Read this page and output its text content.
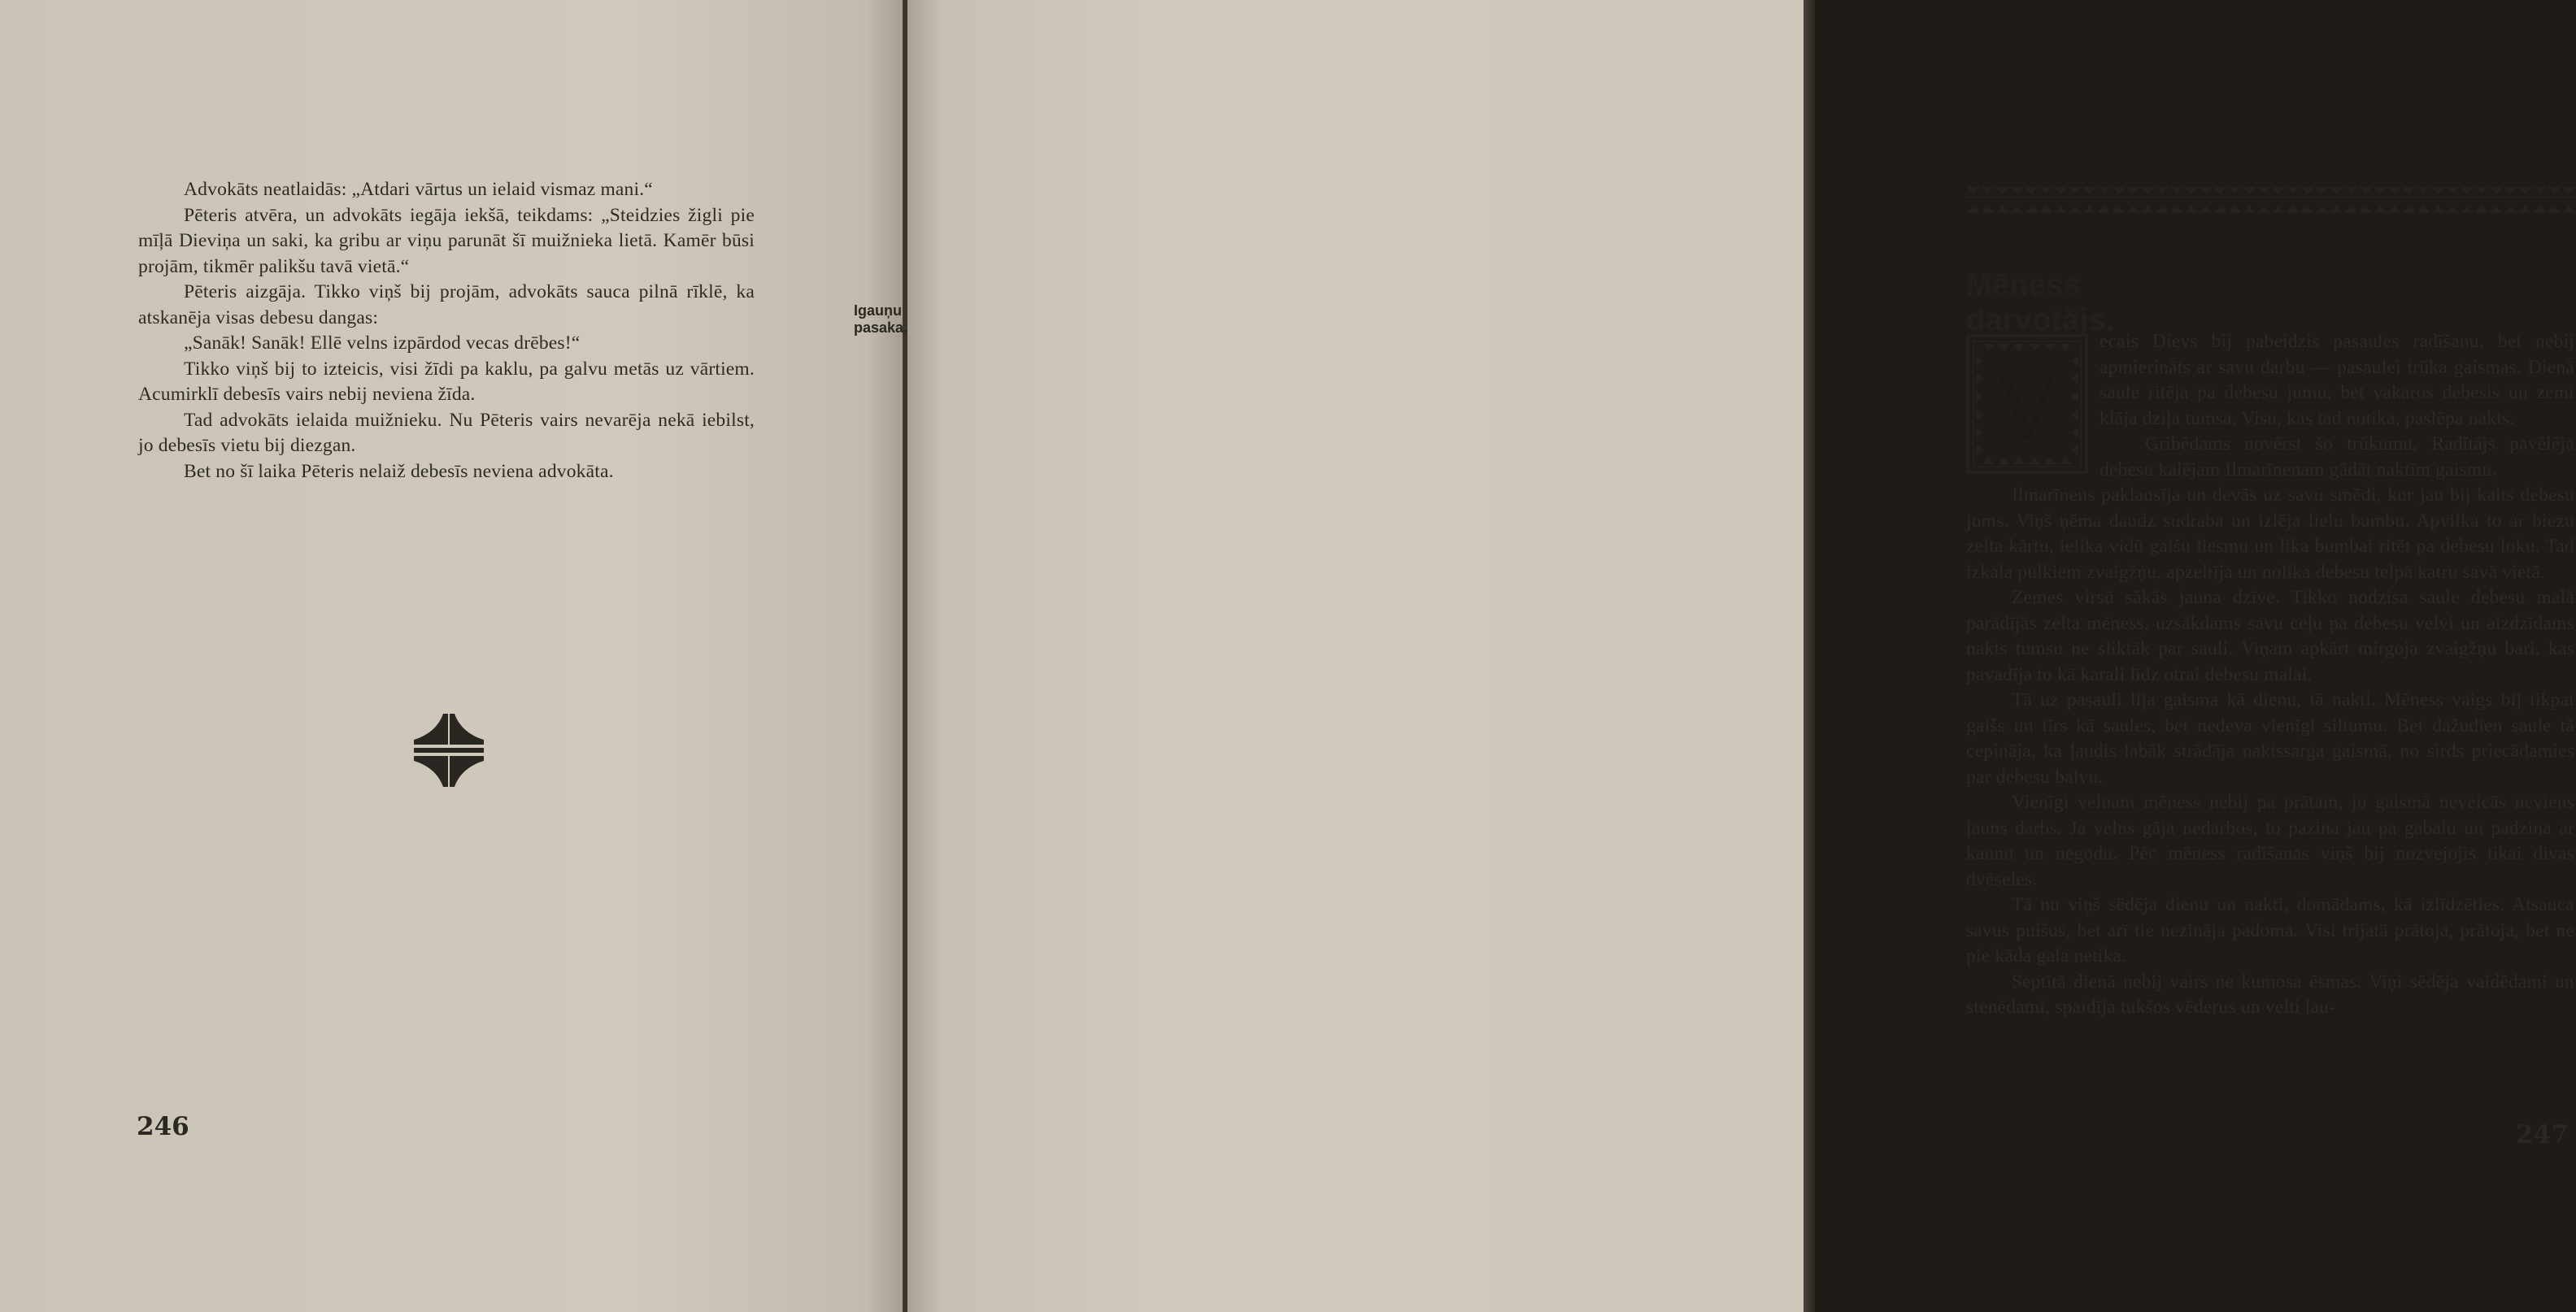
Advokāts neatlaidās: „Atdari vārtus un ielaid vismaz mani.“

Pēteris atvēra, un advokāts iegāja iekšā, teikdams: „Steidzies žigli pie mīļā Dieviņa un saki, ka gribu ar viņu parunāt šī muižnieka lietā. Kamēr būsi projām, tikmēr palikšu tavā vietā.“

Pēteris aizgāja. Tikko viņš bij projām, advokāts sauca pilnā rīklē, ka atskanēja visas debesu dangas:

„Sanāk! Sanāk! Ellē velns izpārdod vecas drēbes!“

Tikko viņš bij to izteicis, visi žīdi pa kaklu, pa galvu metās uz vārtiem. Acumirklī debesīs vairs nebij neviena žīda.

Tad advokāts ielaida muižnieku. Nu Pēteris vairs nevarēja nekā iebilst, jo debesīs vietu bij diezgan.

Bet no šī laika Pēteris nelaiž debesīs neviena advokāta.

246
Mēness darvotājs.
Igauņu pasaka.

V
ecais Dievs bij pabeidzis pasaules radīšanu, bet nebij apmierināts ar savu darbu — pasaulei trūka gaismas. Dienā saule ritēja pa debesu jumu, bet vakaros debesis un zemi klāja dziļa tumsa. Visu, kas tad notika, paslēpa nakts.

Gribēdams novērst šo trūkumu, Radītājs pavēlēja debesu kalējam Ilmarīnenam gādāt naktīm gaismu.

Ilmarīnens paklausīja un devās uz savu smēdi, kur jau bij kalts debesu jums. Viņš ņēma daudz sudraba un izlēja lielu bumbu. Apvilka to ar biezu zelta kārtu, ielika vidū gaišu liesmu un lika bumbai ritēt pa debesu loku. Tad izkala pulkiem zvaigžņu, apzeltīja un nolika debesu telpā katru savā vietā.

Zemes virsū sākās jauna dzīve. Tikko nodzisa saule debesu malā parādījās zelta mēness, uzsākdams savu ceļu pa debesu velvi un aizdzīdams nakts tumsu ne sliktāk par sauli. Viņam apkārt mirgoja zvaigžņu bari, kas pavadīja to kā karali līdz otrai debesu malai.

Tā uz pasauli lija gaisma kā dienu, tā nakti. Mēness vaigs bij tikpat gaišs un tīrs kā saules, bet nedeva vienīgi siltumu. Bet dažudien saule tā cepināja, ka ļaudis labāk strādāja naktssarga gaismā, no sirds priecādamies par debesu balvu.

Vienīgi velnam mēness nebij pa prātam, jo gaismā neveicās neviens ļauns darbs. Ja velns gāja nedarbos, to pazina jau pa gabalu un padzina ar kaunu un negodu. Pēc mēness radīšanas viņš bij nozvejojis tikai divas dvēseles.

Tā nu viņš sēdēja dienu un nakti, domādams, kā izlīdzēties. Atsauca savus puišus, bet arī tie nezināja padoma. Visi trijatā prātoja, prātoja, bet ne pie kāda gala netika.

Septītā dienā nebij vairs ne kumosa ēsmas. Viņi sēdēja vaidēdami un stenēdami, spaidīja tukšos vēderus un velti lau-

247
